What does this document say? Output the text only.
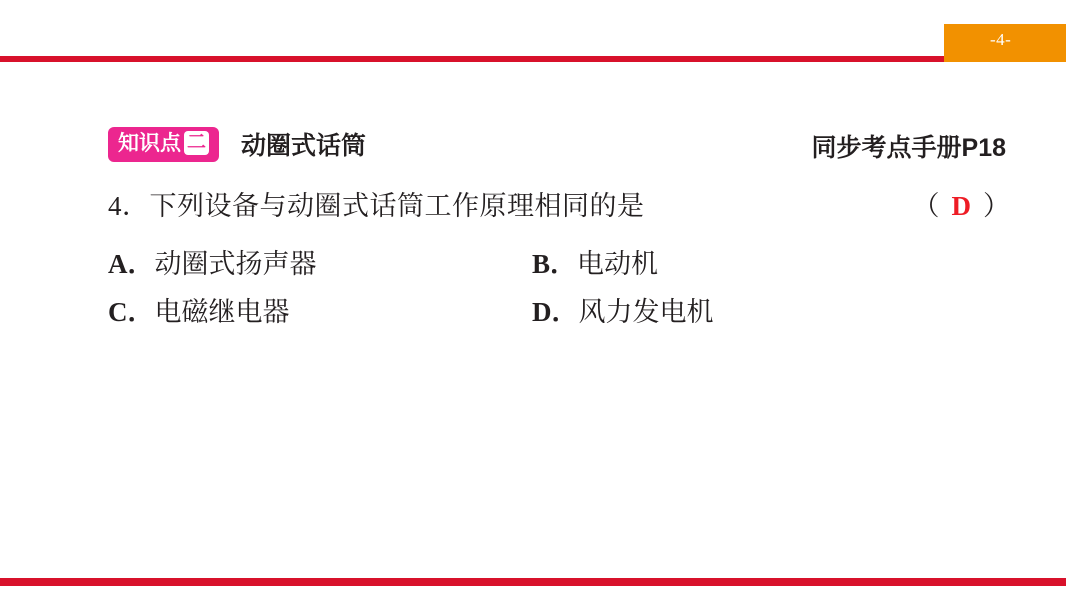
-4-
知识点 二 动圈式话筒	同步考点手册P18
4．下列设备与动圈式话筒工作原理相同的是	（ D ）
A．动圈式扬声器	B．电动机
C．电磁继电器	D．风力发电机
